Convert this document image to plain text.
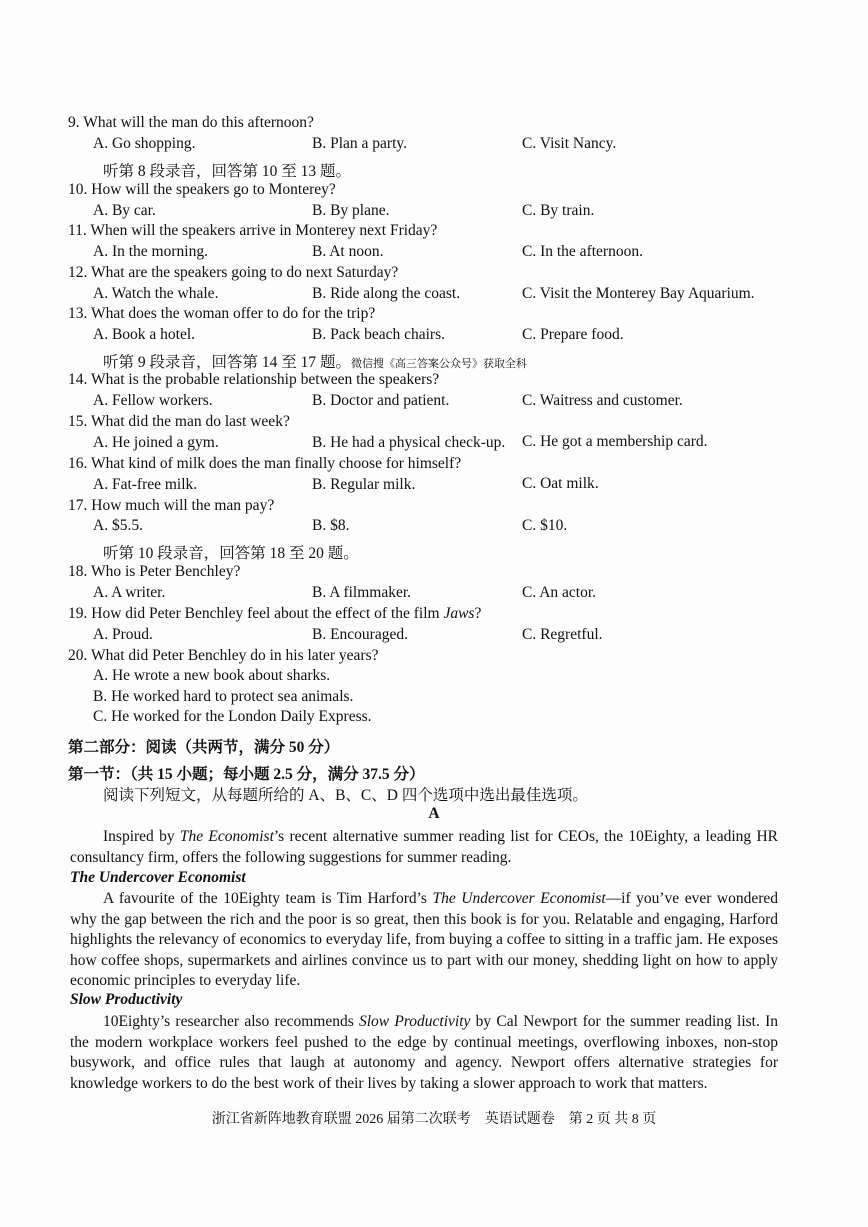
9. What will the man do this afternoon?
A. Go shopping.	B. Plan a party.	C. Visit Nancy.
听第 8 段录音，回答第 10 至 13 题。
10. How will the speakers go to Monterey?
A. By car.	B. By plane.	C. By train.
11. When will the speakers arrive in Monterey next Friday?
A. In the morning.	B. At noon.	C. In the afternoon.
12. What are the speakers going to do next Saturday?
A. Watch the whale.	B. Ride along the coast.	C. Visit the Monterey Bay Aquarium.
13. What does the woman offer to do for the trip?
A. Book a hotel.	B. Pack beach chairs.	C. Prepare food.
听第 9 段录音，回答第 14 至 17 题。微信搜《高三答案公众号》获取全科
14. What is the probable relationship between the speakers?
A. Fellow workers.	B. Doctor and patient.	C. Waitress and customer.
15. What did the man do last week?
A. He joined a gym.	B. He had a physical check-up. C. He got a membership card.
16. What kind of milk does the man finally choose for himself?
A. Fat-free milk.	B. Regular milk.	C. Oat milk.
17. How much will the man pay?
A. $5.5.	B. $8.	C. $10.
听第 10 段录音，回答第 18 至 20 题。
18. Who is Peter Benchley?
A. A writer.	B. A filmmaker.	C. An actor.
19. How did Peter Benchley feel about the effect of the film Jaws?
A. Proud.	B. Encouraged.	C. Regretful.
20. What did Peter Benchley do in his later years?
A. He wrote a new book about sharks.
B. He worked hard to protect sea animals.
C. He worked for the London Daily Express.
第二部分：阅读（共两节，满分 50 分）
第一节：（共 15 小题；每小题 2.5 分，满分 37.5 分）
阅读下列短文，从每题所给的 A、B、C、D 四个选项中选出最佳选项。
A

Inspired by The Economist’s recent alternative summer reading list for CEOs, the 10Eighty, a leading HR consultancy firm, offers the following suggestions for summer reading.

The Undercover Economist

A favourite of the 10Eighty team is Tim Harford’s The Undercover Economist—if you’ve ever wondered why the gap between the rich and the poor is so great, then this book is for you. Relatable and engaging, Harford highlights the relevancy of economics to everyday life, from buying a coffee to sitting in a traffic jam. He exposes how coffee shops, supermarkets and airlines convince us to part with our money, shedding light on how to apply economic principles to everyday life.

Slow Productivity

10Eighty’s researcher also recommends Slow Productivity by Cal Newport for the summer reading list. In the modern workplace workers feel pushed to the edge by continual meetings, overflowing inboxes, non-stop busywork, and office rules that laugh at autonomy and agency. Newport offers alternative strategies for knowledge workers to do the best work of their lives by taking a slower approach to work that matters.

浙江省新阵地教育联盟 2026 届第二次联考　英语试题卷　第 2 页 共 8 页
